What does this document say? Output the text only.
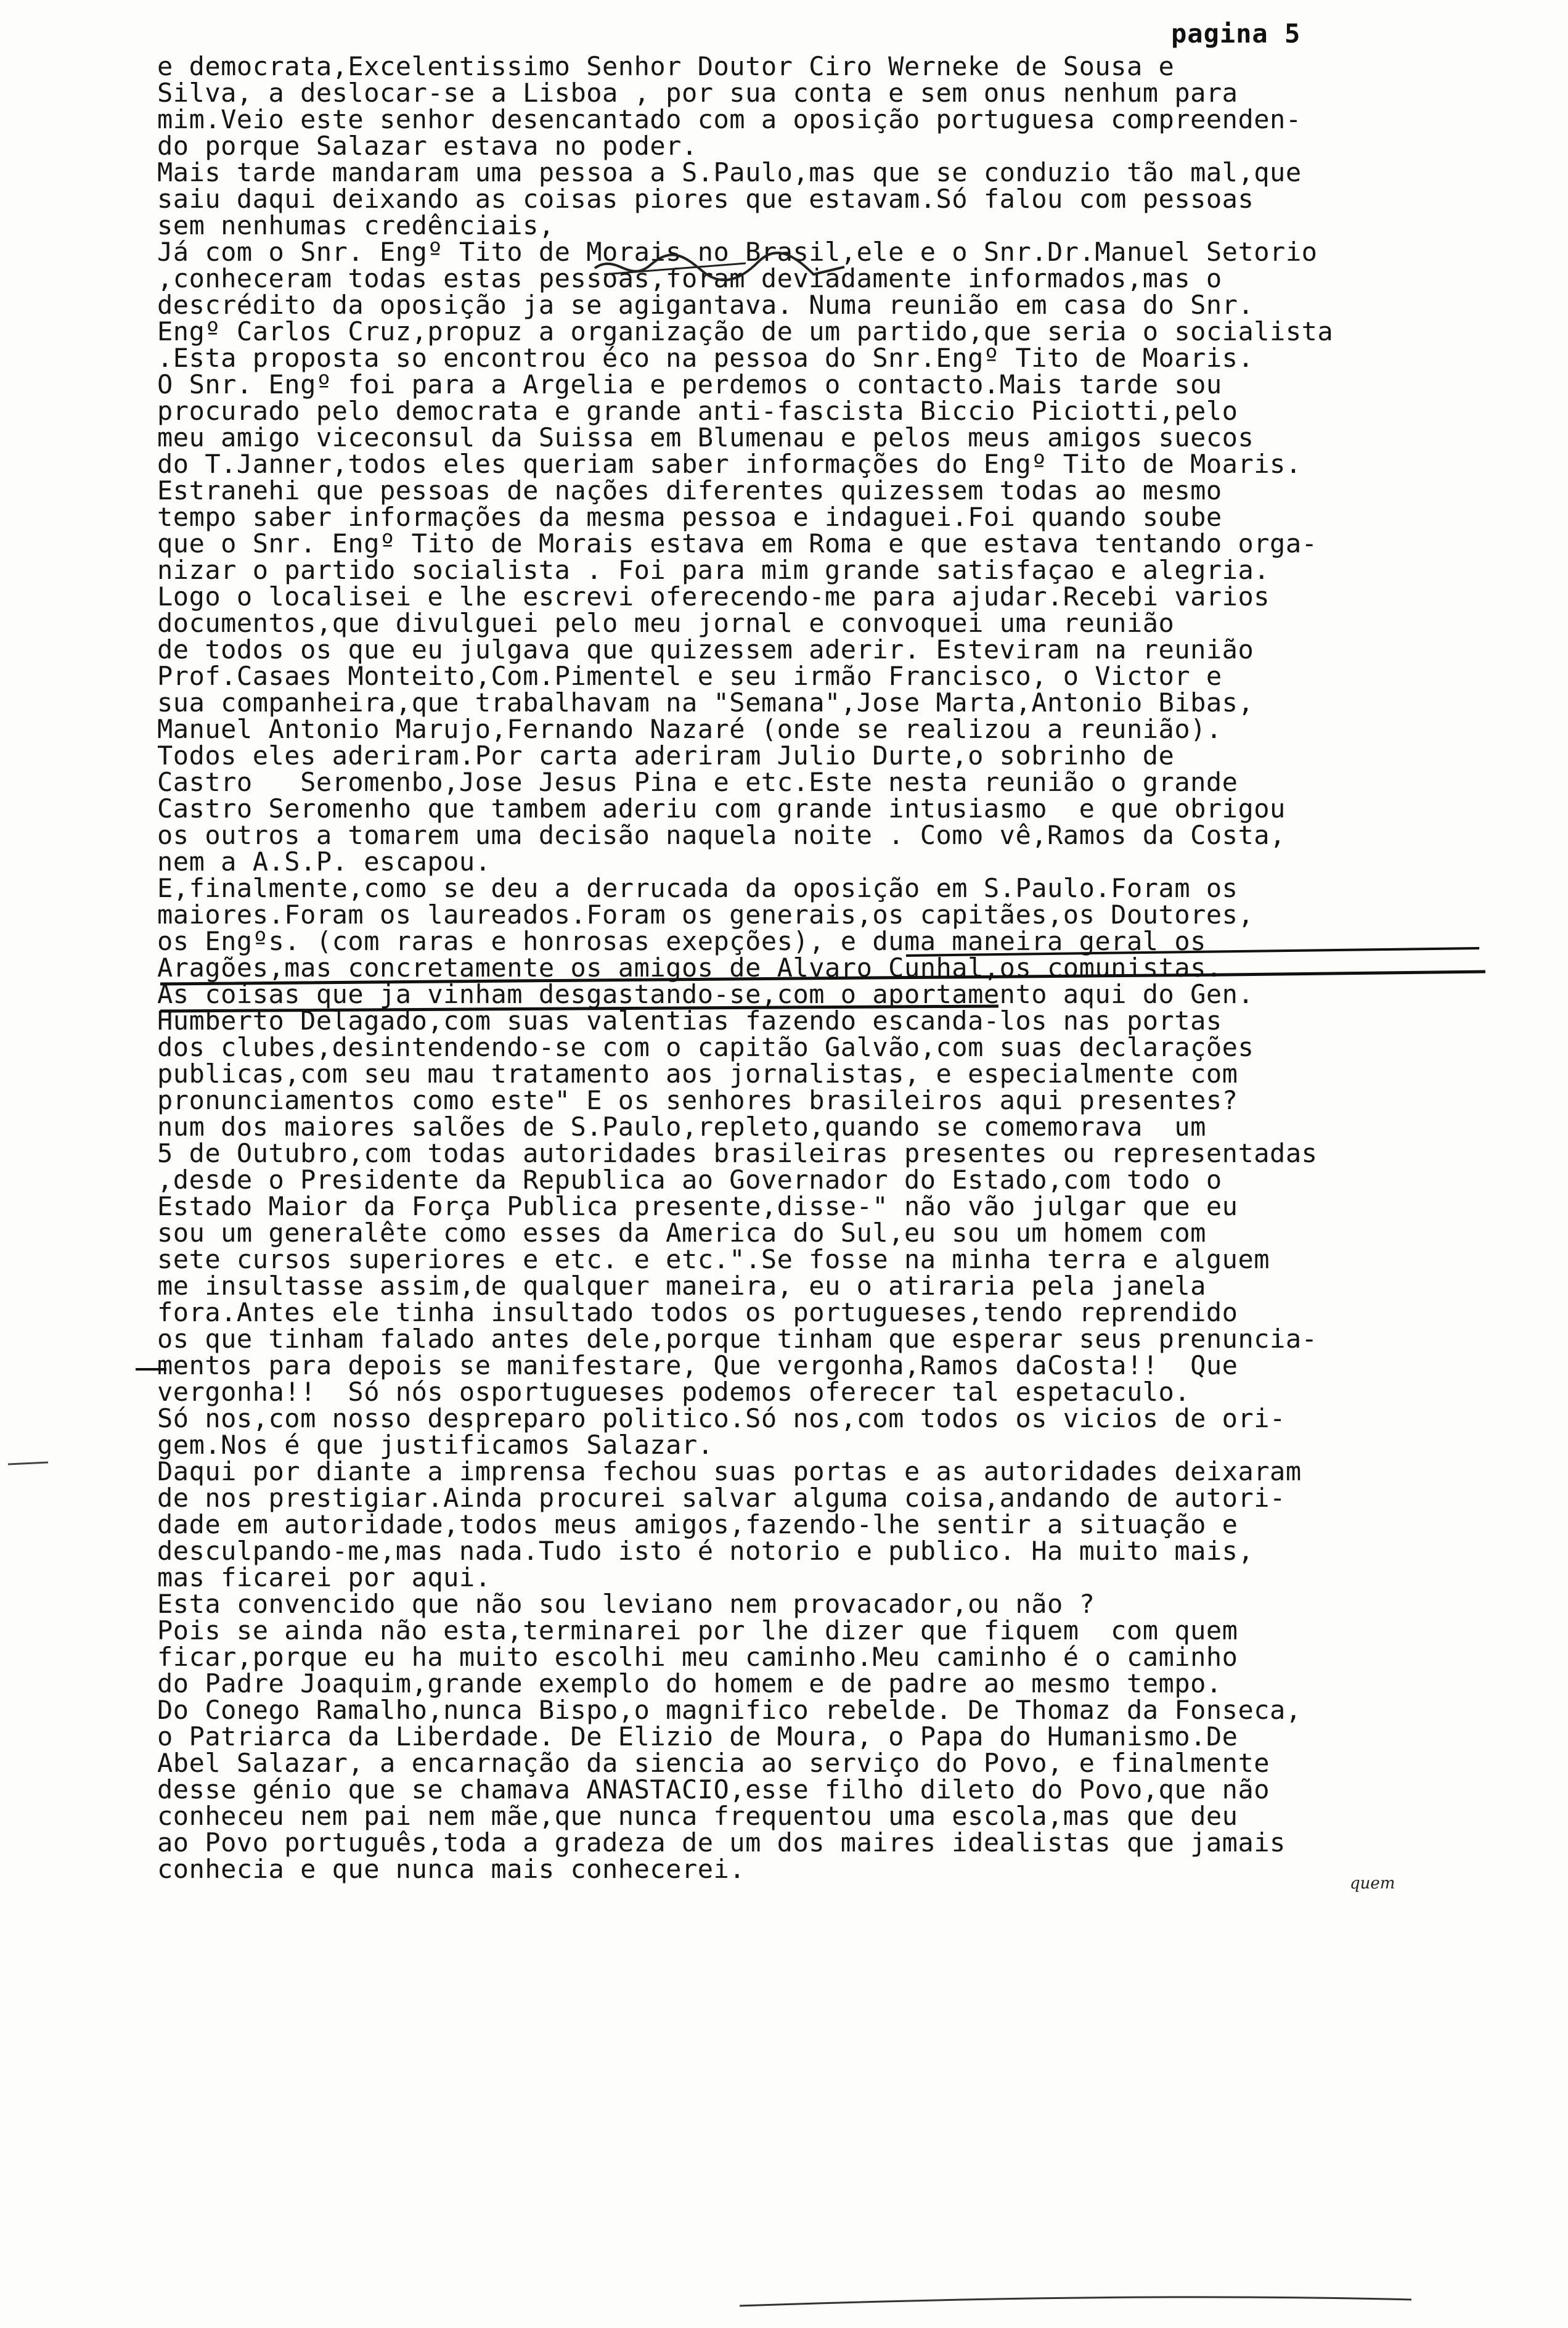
pagina 5

e democrata,Excelentissimo Senhor Doutor Ciro Werneke de Sousa e
Silva, a deslocar-se a Lisboa , por sua conta e sem onus nenhum para
mim.Veio este senhor desencantado com a oposição portuguesa compreenden-
do porque Salazar estava no poder.
Mais tarde mandaram uma pessoa a S.Paulo,mas que se conduzio tão mal,que
saiu daqui deixando as coisas piores que estavam.Só falou com pessoas
sem nenhumas credênciais,
Já com o Snr. Engº Tito de Morais no Brasil,ele e o Snr.Dr.Manuel Setorio
,conheceram todas estas pessoas,foram deviadamente informados,mas o
descrédito da oposição ja se agigantava. Numa reunião em casa do Snr.
Engº Carlos Cruz,propuz a organização de um partido,que seria o socialista
.Esta proposta so encontrou éco na pessoa do Snr.Engº Tito de Moaris.
O Snr. Engº foi para a Argelia e perdemos o contacto.Mais tarde sou
procurado pelo democrata e grande anti-fascista Biccio Piciotti,pelo
meu amigo viceconsul da Suissa em Blumenau e pelos meus amigos suecos
do T.Janner,todos eles queriam saber informações do Engº Tito de Moaris.
Estranehi que pessoas de nações diferentes quizessem todas ao mesmo
tempo saber informações da mesma pessoa e indaguei.Foi quando soube
que o Snr. Engº Tito de Morais estava em Roma e que estava tentando orga-
nizar o partido socialista . Foi para mim grande satisfaçao e alegria.
Logo o localisei e lhe escrevi oferecendo-me para ajudar.Recebi varios
documentos,que divulguei pelo meu jornal e convoquei uma reunião
de todos os que eu julgava que quizessem aderir. Esteviram na reunião
Prof.Casaes Monteito,Com.Pimentel e seu irmão Francisco, o Victor e
sua companheira,que trabalhavam na "Semana",Jose Marta,Antonio Bibas,
Manuel Antonio Marujo,Fernando Nazaré (onde se realizou a reunião).
Todos eles aderiram.Por carta aderiram Julio Durte,o sobrinho de
Castro   Seromenbo,Jose Jesus Pina e etc.Este nesta reunião o grande
Castro Seromenho que tambem aderiu com grande intusiasmo  e que obrigou
os outros a tomarem uma decisão naquela noite . Como vê,Ramos da Costa,
nem a A.S.P. escapou.
E,finalmente,como se deu a derrucada da oposição em S.Paulo.Foram os
maiores.Foram os laureados.Foram os generais,os capitães,os Doutores,
os Engºs. (com raras e honrosas exepções), e duma maneira geral os
Aragões,mas concretamente os amigos de Alvaro Cunhal,os comunistas.
As coisas que ja vinham desgastando-se,com o aportamento aqui do Gen.
Humberto Delagado,com suas valentias fazendo escanda-los nas portas
dos clubes,desintendendo-se com o capitão Galvão,com suas declarações
publicas,com seu mau tratamento aos jornalistas, e especialmente com
pronunciamentos como este" E os senhores brasileiros aqui presentes?
num dos maiores salões de S.Paulo,repleto,quando se comemorava  um
5 de Outubro,com todas autoridades brasileiras presentes ou representadas
,desde o Presidente da Republica ao Governador do Estado,com todo o
Estado Maior da Força Publica presente,disse-" não vão julgar que eu
sou um generalête como esses da America do Sul,eu sou um homem com
sete cursos superiores e etc. e etc.".Se fosse na minha terra e alguem
me insultasse assim,de qualquer maneira, eu o atiraria pela janela
fora.Antes ele tinha insultado todos os portugueses,tendo reprendido
os que tinham falado antes dele,porque tinham que esperar seus prenuncia-
mentos para depois se manifestare, Que vergonha,Ramos daCosta!!  Que
vergonha!!  Só nós osportugueses podemos oferecer tal espetaculo.
Só nos,com nosso despreparo politico.Só nos,com todos os vicios de ori-
gem.Nos é que justificamos Salazar.
Daqui por diante a imprensa fechou suas portas e as autoridades deixaram
de nos prestigiar.Ainda procurei salvar alguma coisa,andando de autori-
dade em autoridade,todos meus amigos,fazendo-lhe sentir a situação e
desculpando-me,mas nada.Tudo isto é notorio e publico. Ha muito mais,
mas ficarei por aqui.
Esta convencido que não sou leviano nem provacador,ou não ?
Pois se ainda não esta,terminarei por lhe dizer que fiquem  com quem
ficar,porque eu ha muito escolhi meu caminho.Meu caminho é o caminho
do Padre Joaquim,grande exemplo do homem e de padre ao mesmo tempo.
Do Conego Ramalho,nunca Bispo,o magnifico rebelde. De Thomaz da Fonseca,
o Patriarca da Liberdade. De Elizio de Moura, o Papa do Humanismo.De
Abel Salazar, a encarnação da siencia ao serviço do Povo, e finalmente
desse génio que se chamava ANASTACIO,esse filho dileto do Povo,que não
conheceu nem pai nem mãe,que nunca frequentou uma escola,mas que deu
ao Povo português,toda a gradeza de um dos maires idealistas que jamais
conhecia e que nunca mais conhecerei.	quem
